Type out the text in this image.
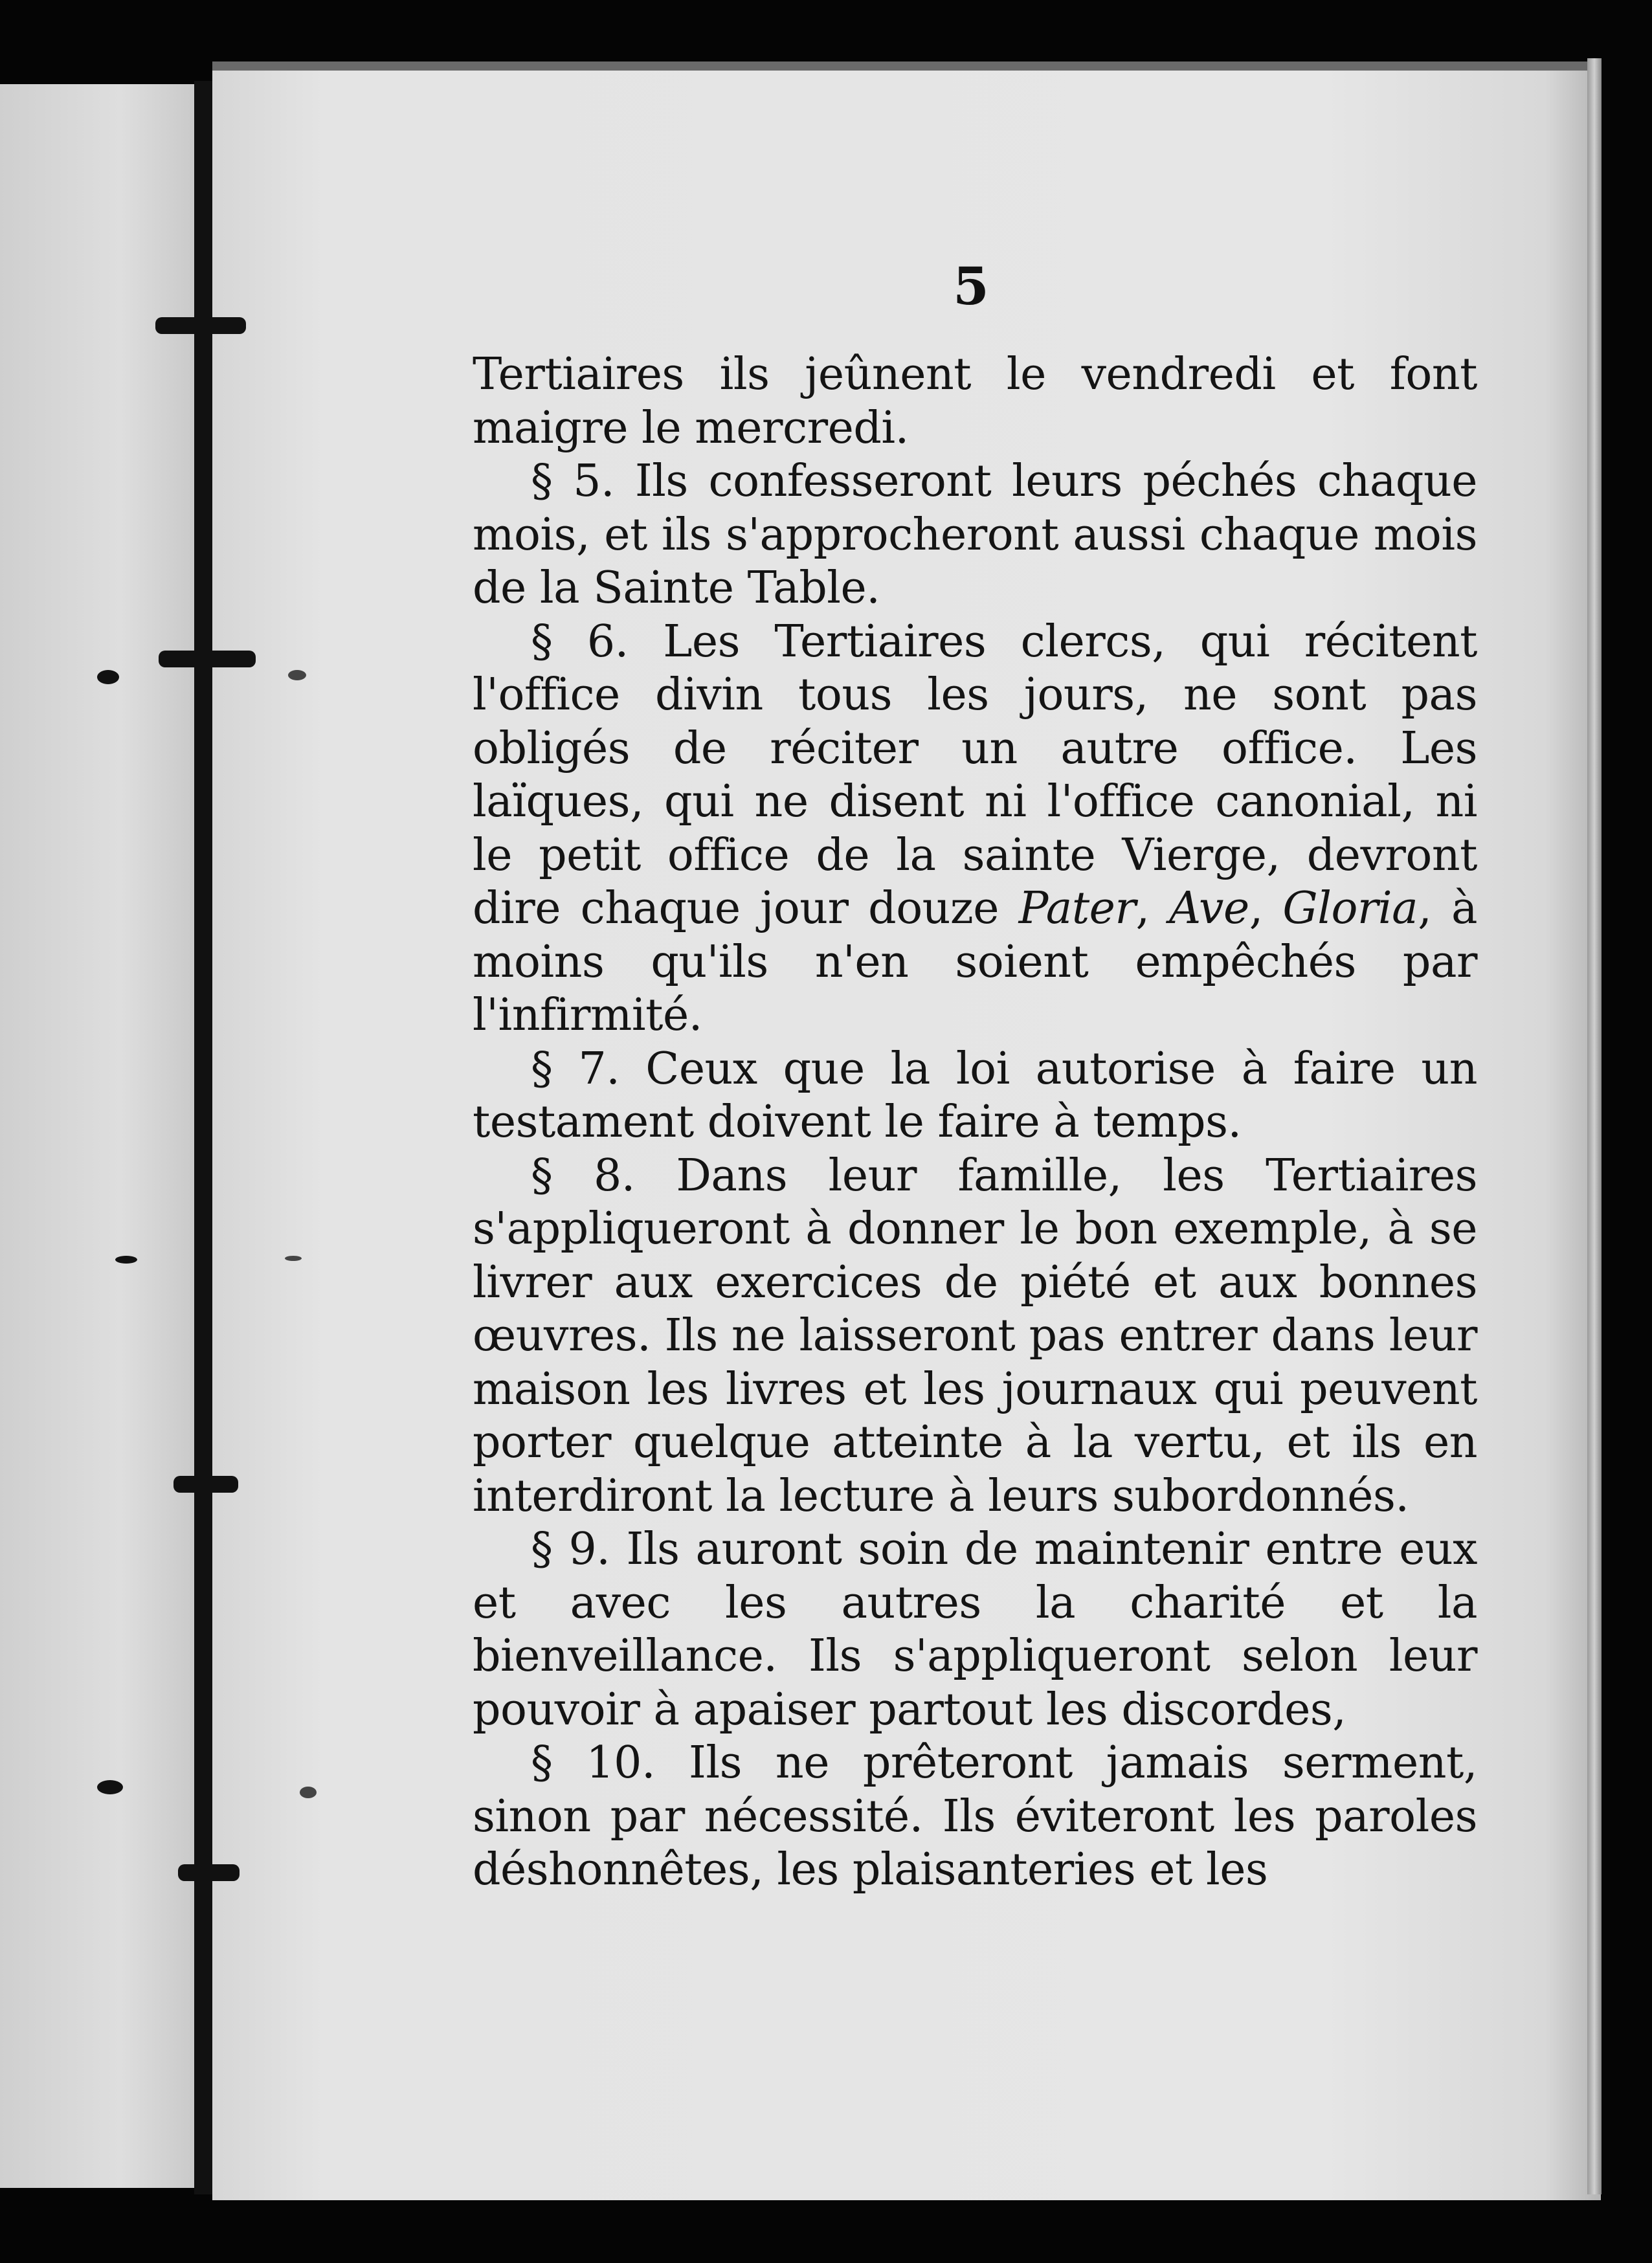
5

Tertiaires ils jeûnent le vendredi et font maigre le mercredi.

§ 5. Ils confesseront leurs péchés chaque mois, et ils s'approcheront aussi chaque mois de la Sainte Table.

§ 6. Les Tertiaires clercs, qui récitent l'office divin tous les jours, ne sont pas obligés de réciter un autre office. Les laïques, qui ne disent ni l'office canonial, ni le petit office de la sainte Vierge, devront dire chaque jour douze Pater, Ave, Gloria, à moins qu'ils n'en soient empêchés par l'infirmité.

§ 7. Ceux que la loi autorise à faire un testament doivent le faire à temps.

§ 8. Dans leur famille, les Tertiaires s'appliqueront à donner le bon exemple, à se livrer aux exercices de piété et aux bonnes œuvres. Ils ne laisseront pas entrer dans leur maison les livres et les journaux qui peuvent porter quelque atteinte à la vertu, et ils en interdiront la lecture à leurs subordonnés.

§ 9. Ils auront soin de maintenir entre eux et avec les autres la charité et la bienveillance. Ils s'appliqueront selon leur pouvoir à apaiser partout les discordes,

§ 10. Ils ne prêteront jamais serment, sinon par nécessité. Ils éviteront les paroles déshonnêtes, les plaisanteries et les
